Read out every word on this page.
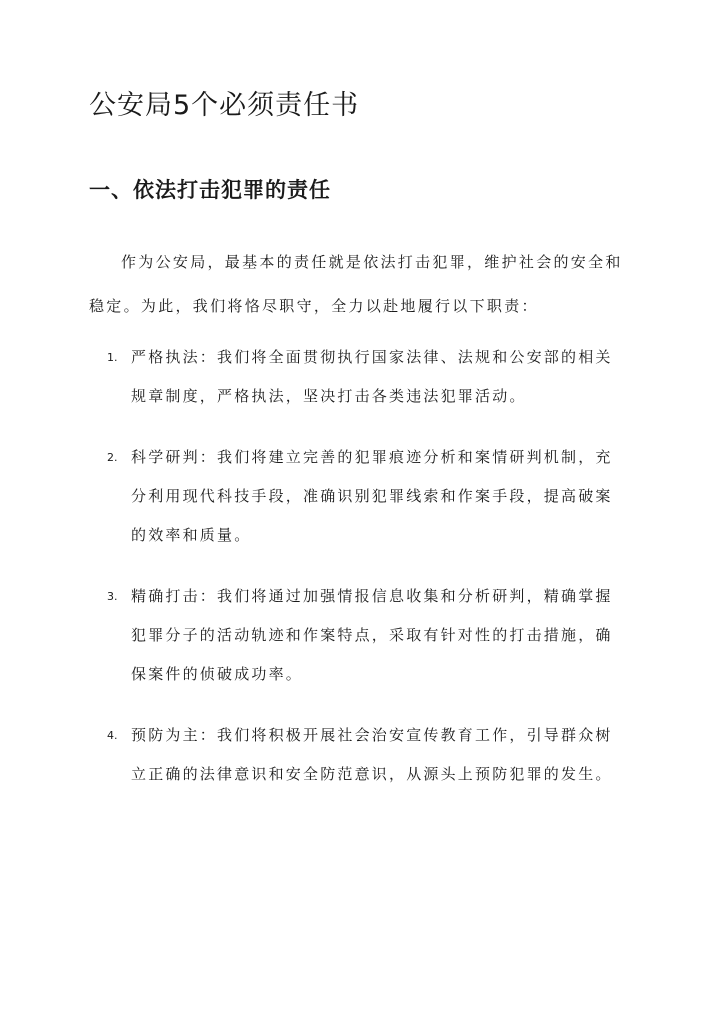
公安局5个必须责任书
一、依法打击犯罪的责任

作为公安局，最基本的责任就是依法打击犯罪，维护社会的安全和稳定。为此，我们将恪尽职守，全力以赴地履行以下职责：

1. 严格执法：我们将全面贯彻执行国家法律、法规和公安部的相关规章制度，严格执法，坚决打击各类违法犯罪活动。
2. 科学研判：我们将建立完善的犯罪痕迹分析和案情研判机制，充分利用现代科技手段，准确识别犯罪线索和作案手段，提高破案的效率和质量。
3. 精确打击：我们将通过加强情报信息收集和分析研判，精确掌握犯罪分子的活动轨迹和作案特点，采取有针对性的打击措施，确保案件的侦破成功率。
4. 预防为主：我们将积极开展社会治安宣传教育工作，引导群众树立正确的法律意识和安全防范意识，从源头上预防犯罪的发生。
